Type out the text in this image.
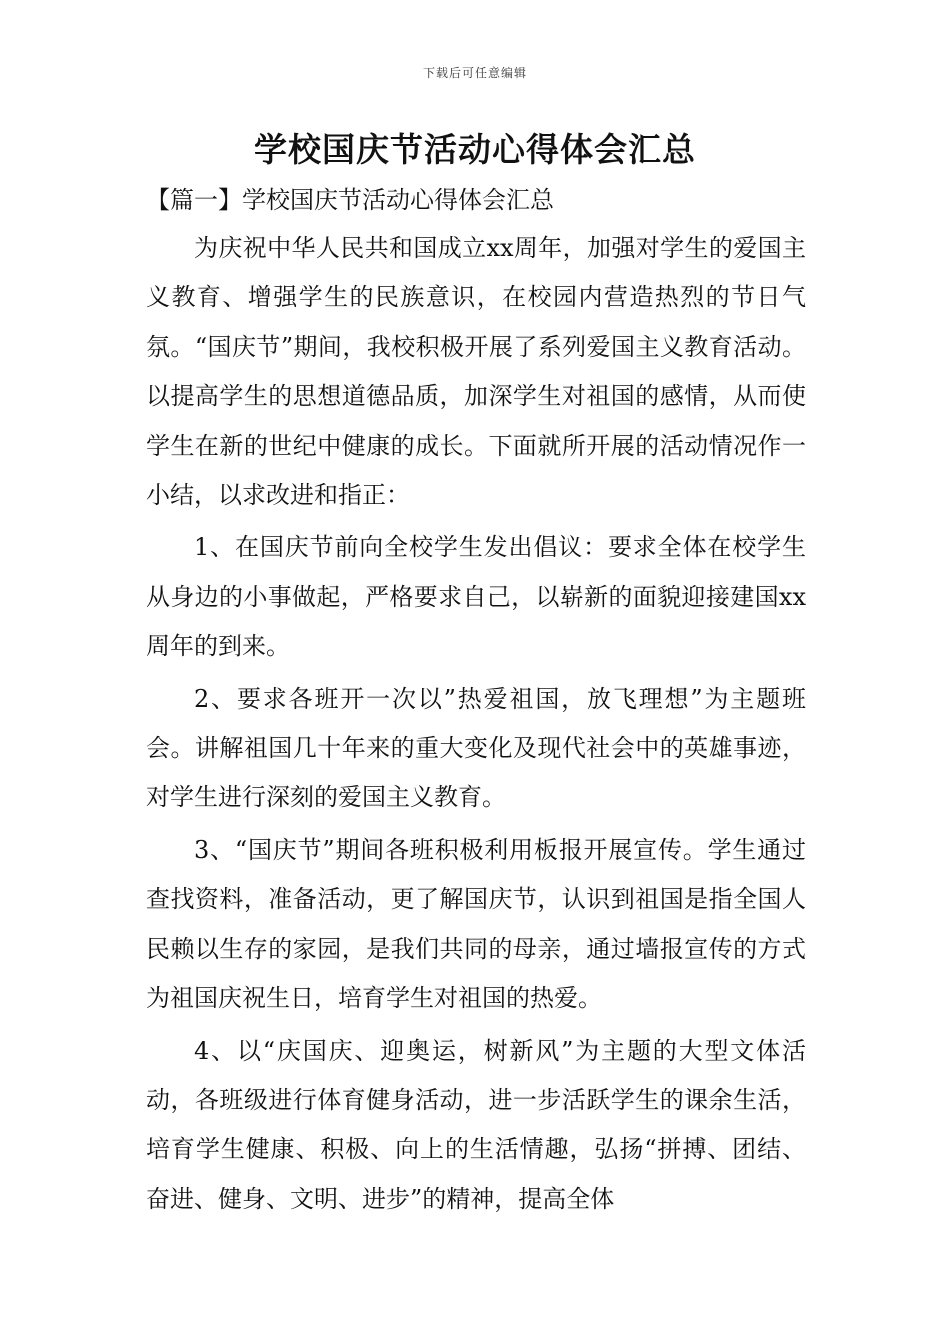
下载后可任意编辑
学校国庆节活动心得体会汇总
【篇一】学校国庆节活动心得体会汇总

为庆祝中华人民共和国成立xx周年，加强对学生的爱国主义教育、增强学生的民族意识，在校园内营造热烈的节日气氛。“国庆节”期间，我校积极开展了系列爱国主义教育活动。以提高学生的思想道德品质，加深学生对祖国的感情，从而使学生在新的世纪中健康的成长。下面就所开展的活动情况作一小结，以求改进和指正：

1、在国庆节前向全校学生发出倡议：要求全体在校学生从身边的小事做起，严格要求自己，以崭新的面貌迎接建国xx周年的到来。

2、要求各班开一次以”热爱祖国，放飞理想”为主题班会。讲解祖国几十年来的重大变化及现代社会中的英雄事迹，对学生进行深刻的爱国主义教育。

3、“国庆节”期间各班积极利用板报开展宣传。学生通过查找资料，准备活动，更了解国庆节，认识到祖国是指全国人民赖以生存的家园，是我们共同的母亲，通过墙报宣传的方式为祖国庆祝生日，培育学生对祖国的热爱。

4、以“庆国庆、迎奥运，树新风”为主题的大型文体活动，各班级进行体育健身活动，进一步活跃学生的课余生活，培育学生健康、积极、向上的生活情趣，弘扬“拼搏、团结、奋进、健身、文明、进步”的精神，提高全体
